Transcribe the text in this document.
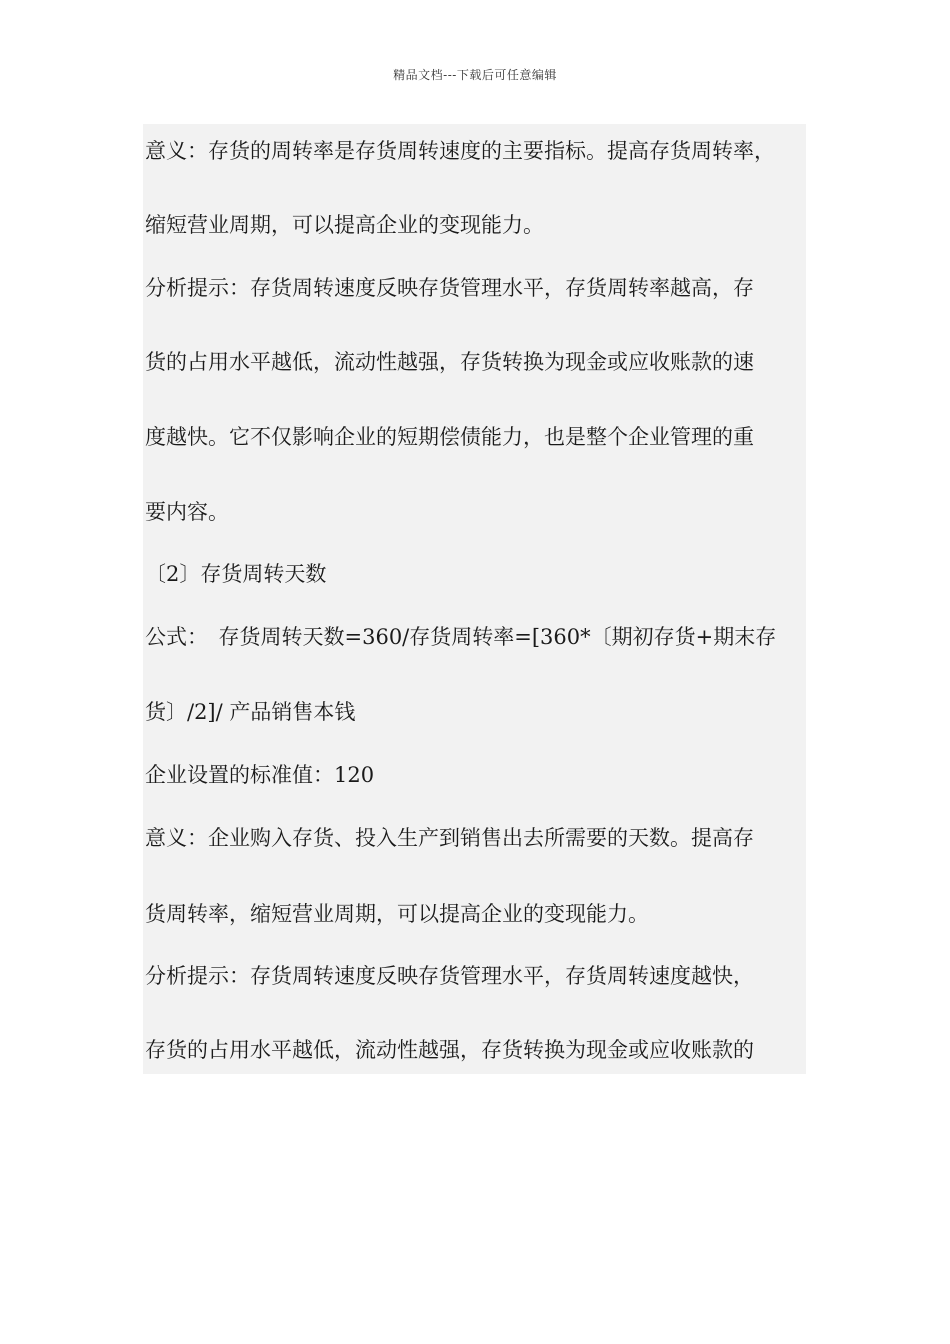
精品文档---下载后可任意编辑
意义：存货的周转率是存货周转速度的主要指标。提高存货周转率，
缩短营业周期，可以提高企业的变现能力。
分析提示：存货周转速度反映存货管理水平，存货周转率越高，存
货的占用水平越低，流动性越强，存货转换为现金或应收账款的速
度越快。它不仅影响企业的短期偿债能力，也是整个企业管理的重
要内容。
〔2〕存货周转天数
公式：　存货周转天数=360/存货周转率=[360*〔期初存货+期末存
货〕/2]/ 产品销售本钱
企业设置的标准值：120
意义：企业购入存货、投入生产到销售出去所需要的天数。提高存
货周转率，缩短营业周期，可以提高企业的变现能力。
分析提示：存货周转速度反映存货管理水平，存货周转速度越快，
存货的占用水平越低，流动性越强，存货转换为现金或应收账款的
